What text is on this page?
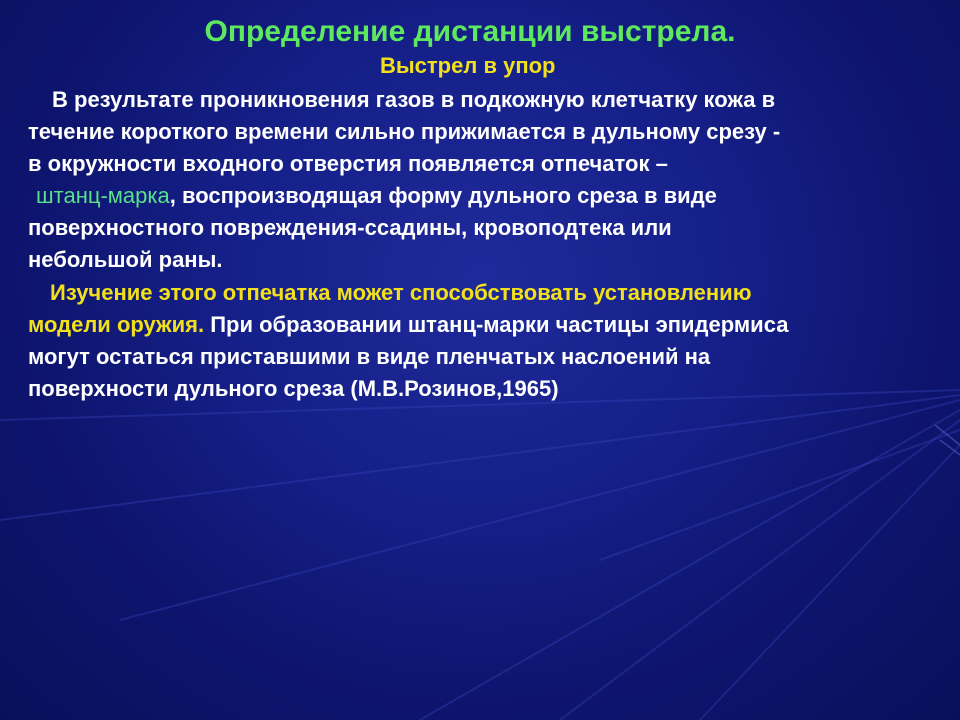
Определение дистанции выстрела.
Выстрел в упор
В результате проникновения газов в подкожную клетчатку кожа в
течение короткого времени сильно прижимается в дульному срезу -
в окружности входного отверстия появляется отпечаток –
штанц-марка, воспроизводящая форму дульного среза в виде
поверхностного повреждения-ссадины, кровоподтека или
небольшой раны.
Изучение этого отпечатка может способствовать установлению
модели оружия. При образовании штанц-марки частицы эпидермиса
могут остаться приставшими в виде пленчатых наслоений на
поверхности дульного среза (М.В.Розинов,1965)
